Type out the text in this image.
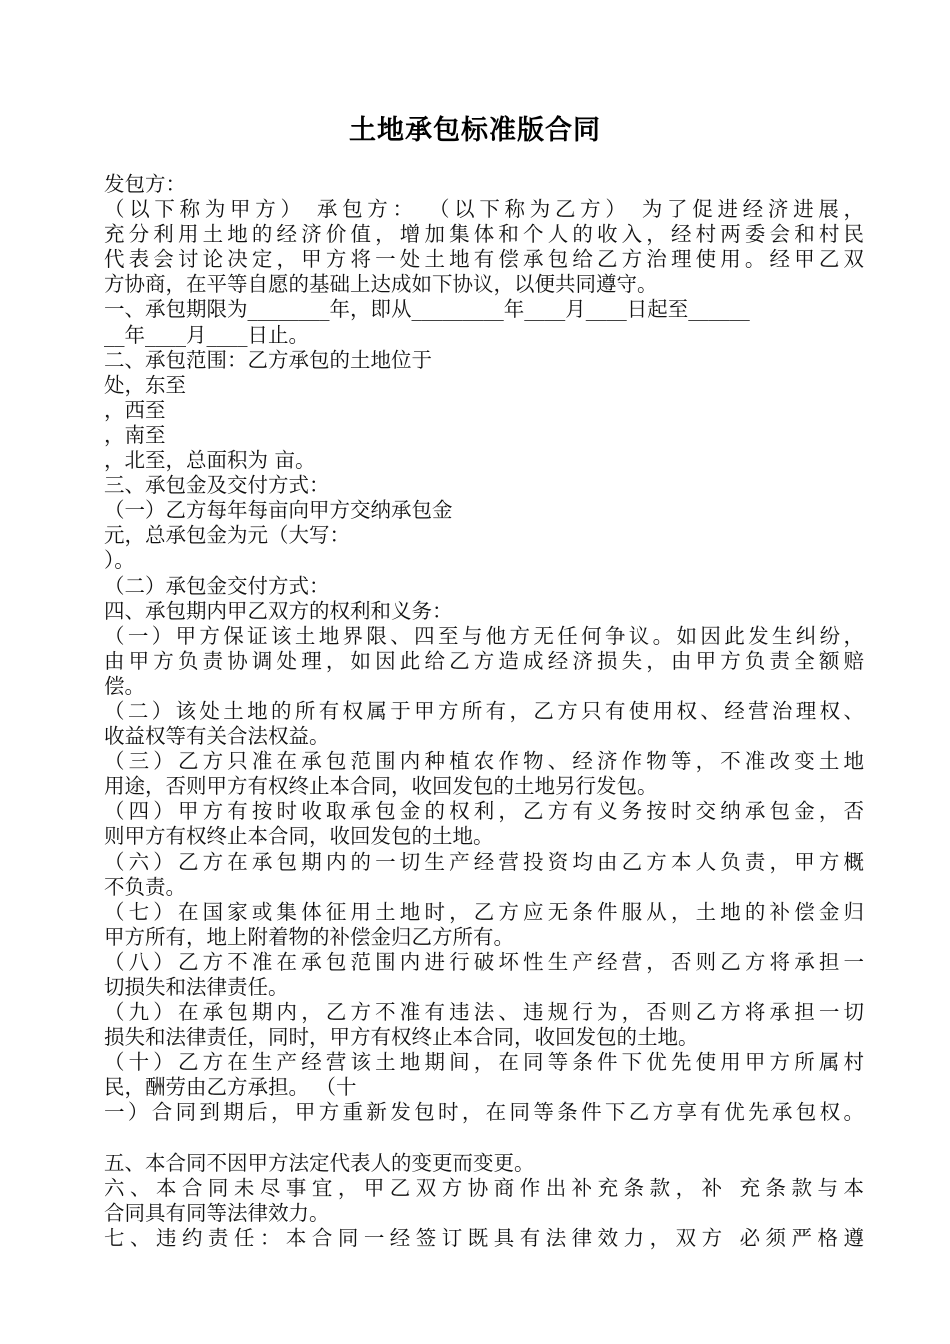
土地承包标准版合同
发包方：
（以下称为甲方） 承包方： （以下称为乙方） 为了促进经济进展，
充分利用土地的经济价值，增加集体和个人的收入，经村两委会和村民
代表会讨论决定，甲方将一处土地有偿承包给乙方治理使用。经甲乙双
方协商，在平等自愿的基础上达成如下协议，以便共同遵守。
一、承包期限为________年，即从_________年____月____日起至______
__年____月____日止。
二、承包范围：乙方承包的土地位于
处，东至
，西至
，南至
，北至，总面积为 亩。
三、承包金及交付方式：
（一）乙方每年每亩向甲方交纳承包金
元，总承包金为元（大写：
）。
（二）承包金交付方式：
四、承包期内甲乙双方的权利和义务：
（一）甲方保证该土地界限、四至与他方无任何争议。如因此发生纠纷，
由甲方负责协调处理，如因此给乙方造成经济损失，由甲方负责全额赔
偿。
（二）该处土地的所有权属于甲方所有，乙方只有使用权、经营治理权、
收益权等有关合法权益。
（三）乙方只准在承包范围内种植农作物、经济作物等，不准改变土地
用途，否则甲方有权终止本合同，收回发包的土地另行发包。
（四）甲方有按时收取承包金的权利，乙方有义务按时交纳承包金，否
则甲方有权终止本合同，收回发包的土地。
（六）乙方在承包期内的一切生产经营投资均由乙方本人负责，甲方概
不负责。
（七）在国家或集体征用土地时，乙方应无条件服从，土地的补偿金归
甲方所有，地上附着物的补偿金归乙方所有。
（八）乙方不准在承包范围内进行破坏性生产经营，否则乙方将承担一
切损失和法律责任。
（九）在承包期内，乙方不准有违法、违规行为，否则乙方将承担一切
损失和法律责任，同时，甲方有权终止本合同，收回发包的土地。
（十）乙方在生产经营该土地期间，在同等条件下优先使用甲方所属村
民，酬劳由乙方承担。 （十
一）合同到期后，甲方重新发包时，在同等条件下乙方享有优先承包权。
五、本合同不因甲方法定代表人的变更而变更。
六、本合同未尽事宜，甲乙双方协商作出补充条款，补 充条款与本
合同具有同等法律效力。
七、违约责任：本合同一经签订既具有法律效力，双方 必须严格遵
